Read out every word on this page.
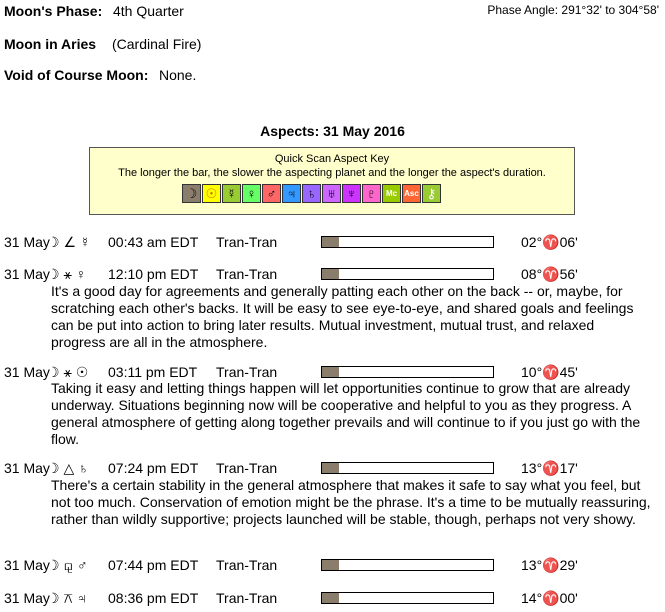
Moon's Phase: 4th Quarter	Phase Angle: 291°32' to 304°58'
Moon in Aries (Cardinal Fire)
Void of Course Moon: None.
Aspects: 31 May 2016
Quick Scan Aspect Key
The longer the bar, the slower the aspecting planet and the longer the aspect's duration.
☽ ☉ ☿ ♀ ♂ ♃ ♄ ♅ ♆ ♇	Mc Asc ⚷
31 May
☽ ∠ ☿ 00:43 am EDT Tran-Tran	02°♈06'
31 May
☽ ⚹ ♀ 12:10 pm EDT Tran-Tran	08°♈56'
It's a good day for agreements and generally patting each other on the back -- or, maybe, for scratching each other's backs. It will be easy to see eye-to-eye, and shared goals and feelings can be put into action to bring later results. Mutual investment, mutual trust, and relaxed progress are all in the atmosphere.
31 May
☽ ⚹ ☉ 03:11 pm EDT Tran-Tran	10°♈45'
Taking it easy and letting things happen will let opportunities continue to grow that are already underway. Situations beginning now will be cooperative and helpful to you as they progress. A general atmosphere of getting along together prevails and will continue to if you just go with the flow.
31 May
☽ △ ♄ 07:24 pm EDT Tran-Tran	13°♈17'
There's a certain stability in the general atmosphere that makes it safe to say what you feel, but not too much. Conservation of emotion might be the phrase. It's a time to be mutually reassuring, rather than wildly supportive; projects launched will be stable, though, perhaps not very showy.
31 May
☽ ⚼ ♂ 07:44 pm EDT Tran-Tran	13°♈29'
31 May
☽ ⚻ ♃ 08:36 pm EDT Tran-Tran	14°♈00'
